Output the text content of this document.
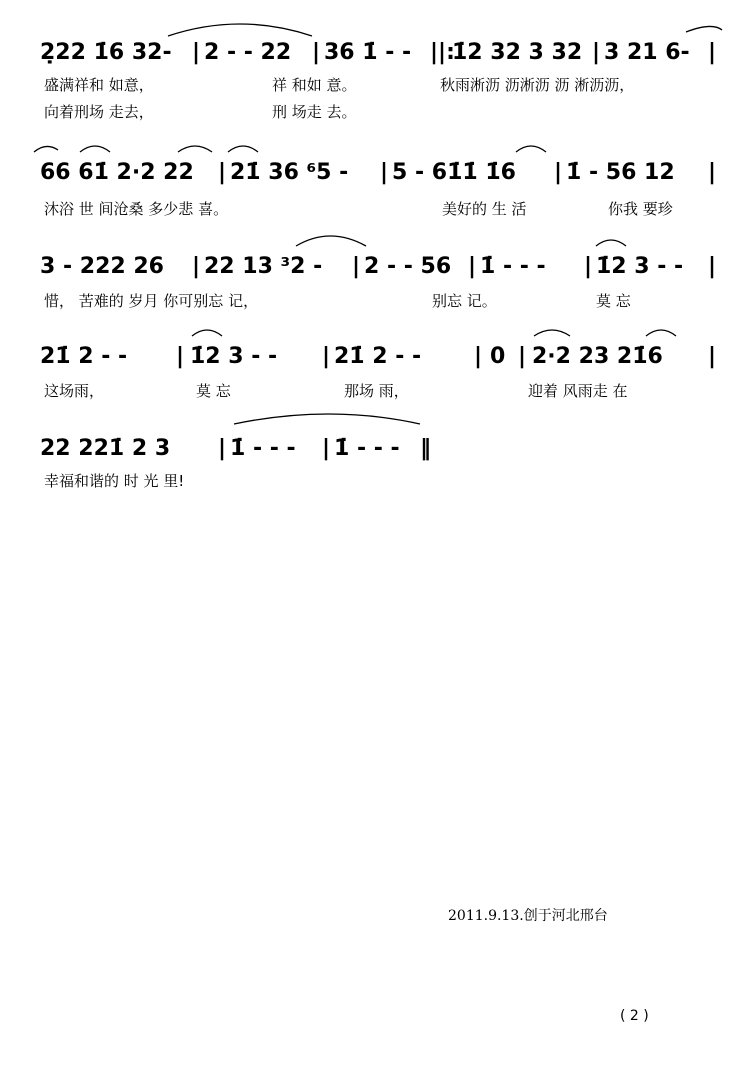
2̣22 1̇6 32- | 2 - - 22 | 36 1̇ - - ||:
1̇2 32 3 32 | 3 21 6- |
盛满祥和 如意，	祥 和如 意。	秋雨淅沥 沥淅沥 沥 淅沥沥，
向着刑场 走去，	刑 场走 去。
66 61̇ 2·2 22 | 21̇ 36 ⁶5 - | 5 - 61̇1̇ 1̇6 | 1̇ - 56 12 |
沐浴 世 间沧桑 多少悲 喜。	美好的 生 活	你我 要珍
3 - 222 26 | 22 13 ³2 - | 2 - - 56 | 1̇ - - - | 1̇2 3 - - |
惜， 苦难的 岁月 你可别忘 记，	别忘 记。	莫 忘
21̇ 2 - - | 1̇2 3 - - | 21̇ 2 - - | 0 | 2·2 23 21̇6 |
这场雨，	莫 忘	那场 雨，	迎着 风雨走 在
22 221̇ 2 3 | 1̇ - - - | 1̇ - - - ‖
幸福和谐的 时 光 里!
2011.9.13.创于河北邢台
( 2 )
